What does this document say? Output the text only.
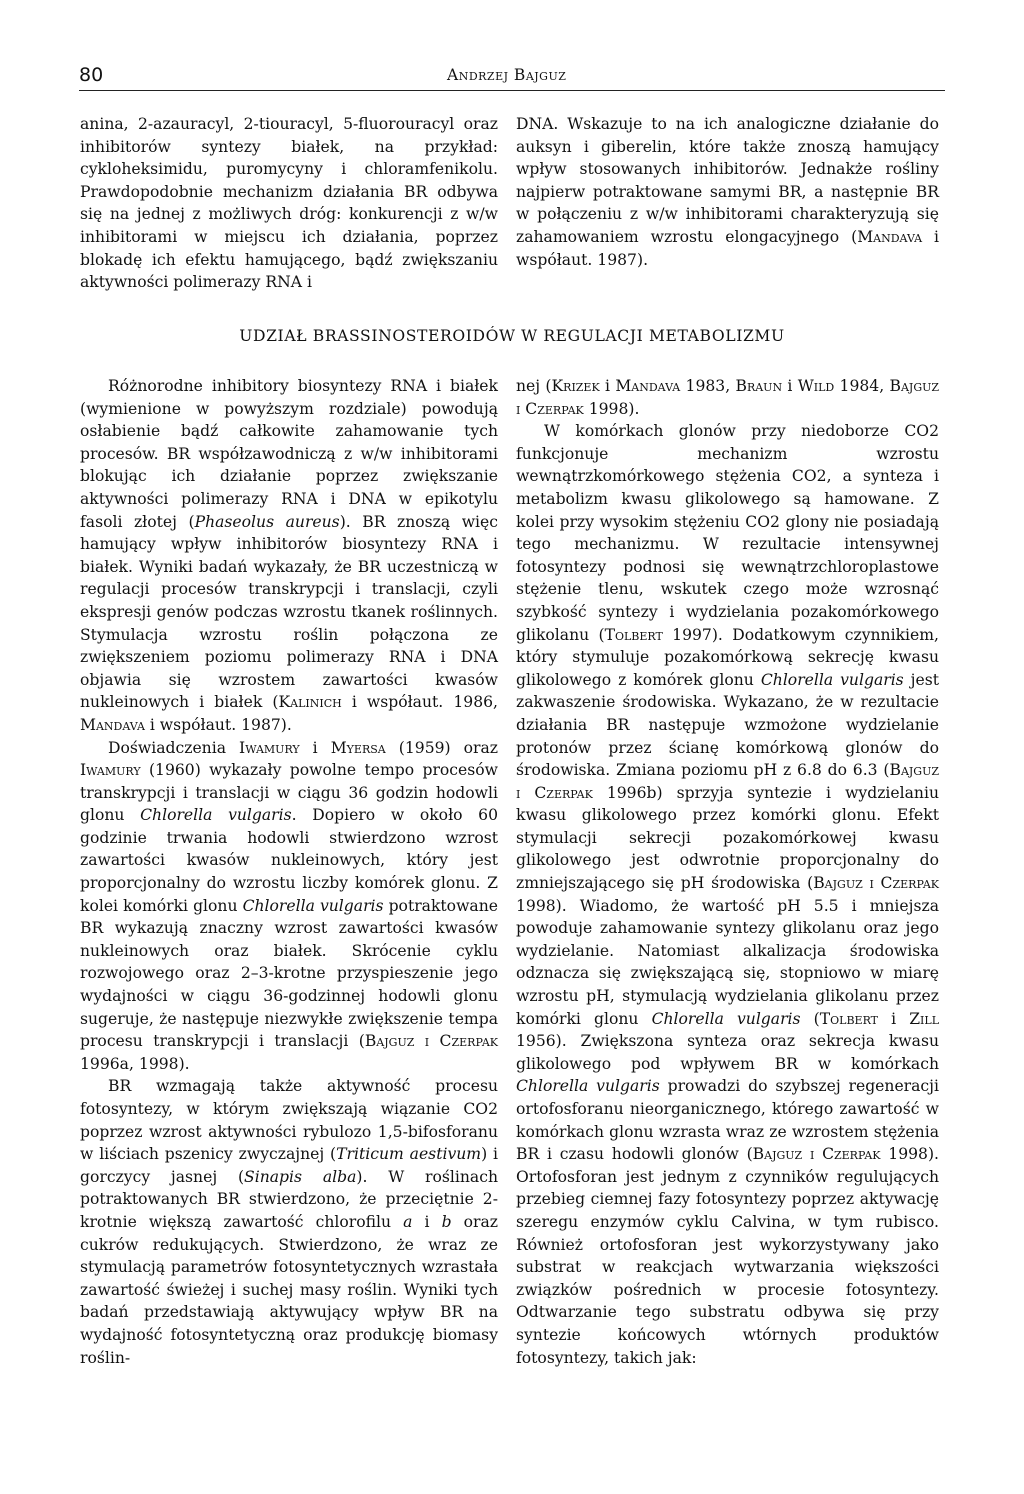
80	Andrzej Bajguz

anina, 2-azauracyl, 2-tiouracyl, 5-fluorouracyl oraz inhibitorów syntezy białek, na przykład: cykloheksimidu, puromycyny i chloramfenikolu. Prawdopodobnie mechanizm działania BR odbywa się na jednej z możliwych dróg: konkurencji z w/w inhibitorami w miejscu ich działania, poprzez blokadę ich efektu hamującego, bądź zwiększaniu aktywności polimerazy RNA i

DNA. Wskazuje to na ich analogiczne działanie do auksyn i giberelin, które także znoszą hamujący wpływ stosowanych inhibitorów. Jednakże rośliny najpierw potraktowane samymi BR, a następnie BR w połączeniu z w/w inhibitorami charakteryzują się zahamowaniem wzrostu elongacyjnego (Mandava i współaut. 1987).

UDZIAŁ BRASSINOSTEROIDÓW W REGULACJI METABOLIZMU

Różnorodne inhibitory biosyntezy RNA i białek (wymienione w powyższym rozdziale) powodują osłabienie bądź całkowite zahamowanie tych procesów. BR współzawodniczą z w/w inhibitorami blokując ich działanie poprzez zwiększanie aktywności polimerazy RNA i DNA w epikotylu fasoli złotej (Phaseolus aureus). BR znoszą więc hamujący wpływ inhibitorów biosyntezy RNA i białek. Wyniki badań wykazały, że BR uczestniczą w regulacji procesów transkrypcji i translacji, czyli ekspresji genów podczas wzrostu tkanek roślinnych. Stymulacja wzrostu roślin połączona ze zwiększeniem poziomu polimerazy RNA i DNA objawia się wzrostem zawartości kwasów nukleinowych i białek (Kalinich i współaut. 1986, Mandava i współaut. 1987).

Doświadczenia Iwamury i Myersa (1959) oraz Iwamury (1960) wykazały powolne tempo procesów transkrypcji i translacji w ciągu 36 godzin hodowli glonu Chlorella vulgaris. Dopiero w około 60 godzinie trwania hodowli stwierdzono wzrost zawartości kwasów nukleinowych, który jest proporcjonalny do wzrostu liczby komórek glonu. Z kolei komórki glonu Chlorella vulgaris potraktowane BR wykazują znaczny wzrost zawartości kwasów nukleinowych oraz białek. Skrócenie cyklu rozwojowego oraz 2–3-krotne przyspieszenie jego wydajności w ciągu 36-godzinnej hodowli glonu sugeruje, że następuje niezwykłe zwiększenie tempa procesu transkrypcji i translacji (Bajguz i Czerpak 1996a, 1998).

BR wzmagają także aktywność procesu fotosyntezy, w którym zwiększają wiązanie CO2 poprzez wzrost aktywności rybulozo 1,5-bifosforanu w liściach pszenicy zwyczajnej (Triticum aestivum) i gorczycy jasnej (Sinapis alba). W roślinach potraktowanych BR stwierdzono, że przeciętnie 2-krotnie większą zawartość chlorofilu a i b oraz cukrów redukujących. Stwierdzono, że wraz ze stymulacją parametrów fotosyntetycznych wzrastała zawartość świeżej i suchej masy roślin. Wyniki tych badań przedstawiają aktywujący wpływ BR na wydajność fotosyntetyczną oraz produkcję biomasy roślin-

nej (Krizek i Mandava 1983, Braun i Wild 1984, Bajguz i Czerpak 1998).

W komórkach glonów przy niedoborze CO2 funkcjonuje mechanizm wzrostu wewnątrzkomórkowego stężenia CO2, a synteza i metabolizm kwasu glikolowego są hamowane. Z kolei przy wysokim stężeniu CO2 glony nie posiadają tego mechanizmu. W rezultacie intensywnej fotosyntezy podnosi się wewnątrzchloroplastowe stężenie tlenu, wskutek czego może wzrosnąć szybkość syntezy i wydzielania pozakomórkowego glikolanu (Tolbert 1997). Dodatkowym czynnikiem, który stymuluje pozakomórkową sekrecję kwasu glikolowego z komórek glonu Chlorella vulgaris jest zakwaszenie środowiska. Wykazano, że w rezultacie działania BR następuje wzmożone wydzielanie protonów przez ścianę komórkową glonów do środowiska. Zmiana poziomu pH z 6.8 do 6.3 (Bajguz i Czerpak 1996b) sprzyja syntezie i wydzielaniu kwasu glikolowego przez komórki glonu. Efekt stymulacji sekrecji pozakomórkowej kwasu glikolowego jest odwrotnie proporcjonalny do zmniejszającego się pH środowiska (Bajguz i Czerpak 1998). Wiadomo, że wartość pH 5.5 i mniejsza powoduje zahamowanie syntezy glikolanu oraz jego wydzielanie. Natomiast alkalizacja środowiska odznacza się zwiększającą się, stopniowo w miarę wzrostu pH, stymulacją wydzielania glikolanu przez komórki glonu Chlorella vulgaris (Tolbert i Zill 1956). Zwiększona synteza oraz sekrecja kwasu glikolowego pod wpływem BR w komórkach Chlorella vulgaris prowadzi do szybszej regeneracji ortofosforanu nieorganicznego, którego zawartość w komórkach glonu wzrasta wraz ze wzrostem stężenia BR i czasu hodowli glonów (Bajguz i Czerpak 1998). Ortofosforan jest jednym z czynników regulujących przebieg ciemnej fazy fotosyntezy poprzez aktywację szeregu enzymów cyklu Calvina, w tym rubisco. Również ortofosforan jest wykorzystywany jako substrat w reakcjach wytwarzania większości związków pośrednich w procesie fotosyntezy. Odtwarzanie tego substratu odbywa się przy syntezie końcowych wtórnych produktów fotosyntezy, takich jak:
